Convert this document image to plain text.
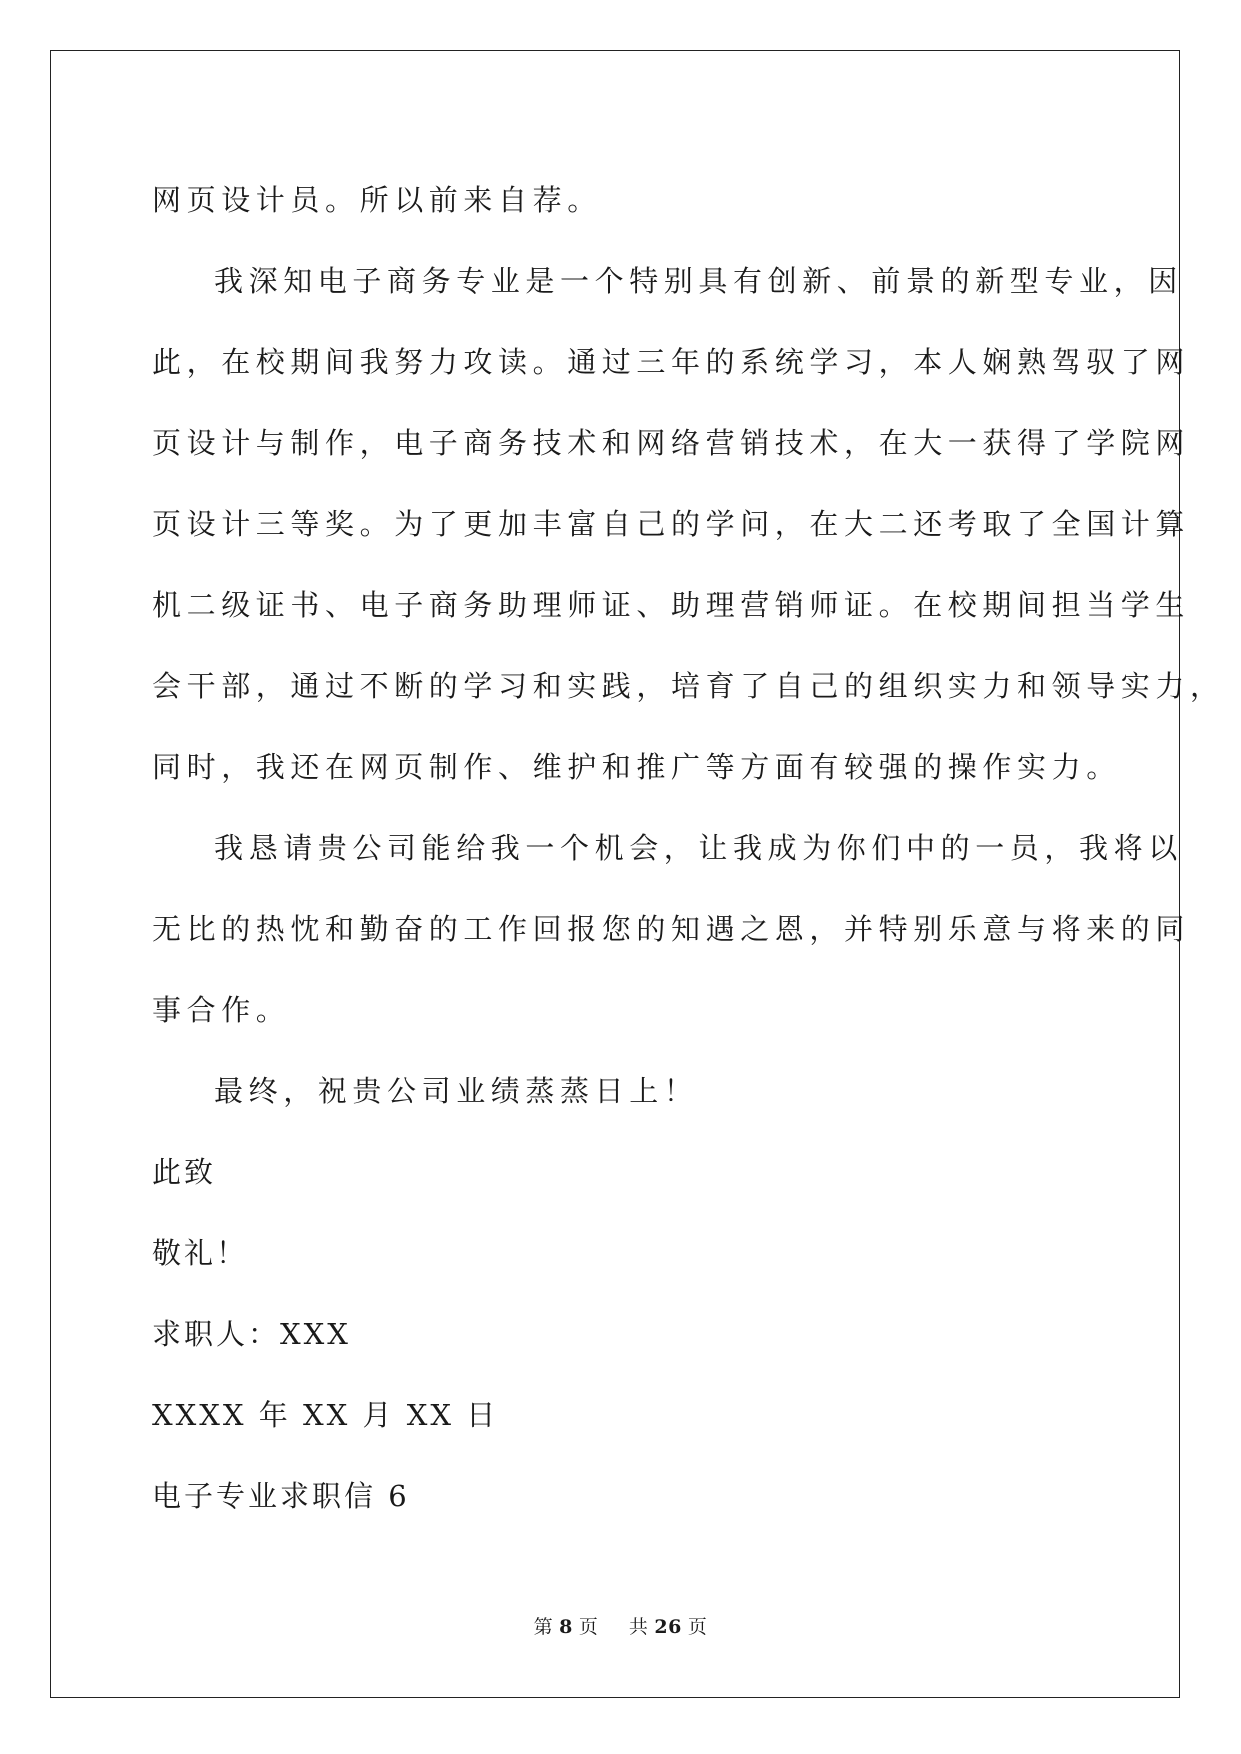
网页设计员。所以前来自荐。
我深知电子商务专业是一个特别具有创新、前景的新型专业，因
此，在校期间我努力攻读。通过三年的系统学习，本人娴熟驾驭了网
页设计与制作，电子商务技术和网络营销技术，在大一获得了学院网
页设计三等奖。为了更加丰富自己的学问，在大二还考取了全国计算
机二级证书、电子商务助理师证、助理营销师证。在校期间担当学生
会干部，通过不断的学习和实践，培育了自己的组织实力和领导实力，
同时，我还在网页制作、维护和推广等方面有较强的操作实力。
我恳请贵公司能给我一个机会，让我成为你们中的一员，我将以
无比的热忱和勤奋的工作回报您的知遇之恩，并特别乐意与将来的同
事合作。
最终，祝贵公司业绩蒸蒸日上！
此致
敬礼！
求职人：XXX
XXXX 年 XX 月 XX 日
电子专业求职信 6
第 8 页 共 26 页
